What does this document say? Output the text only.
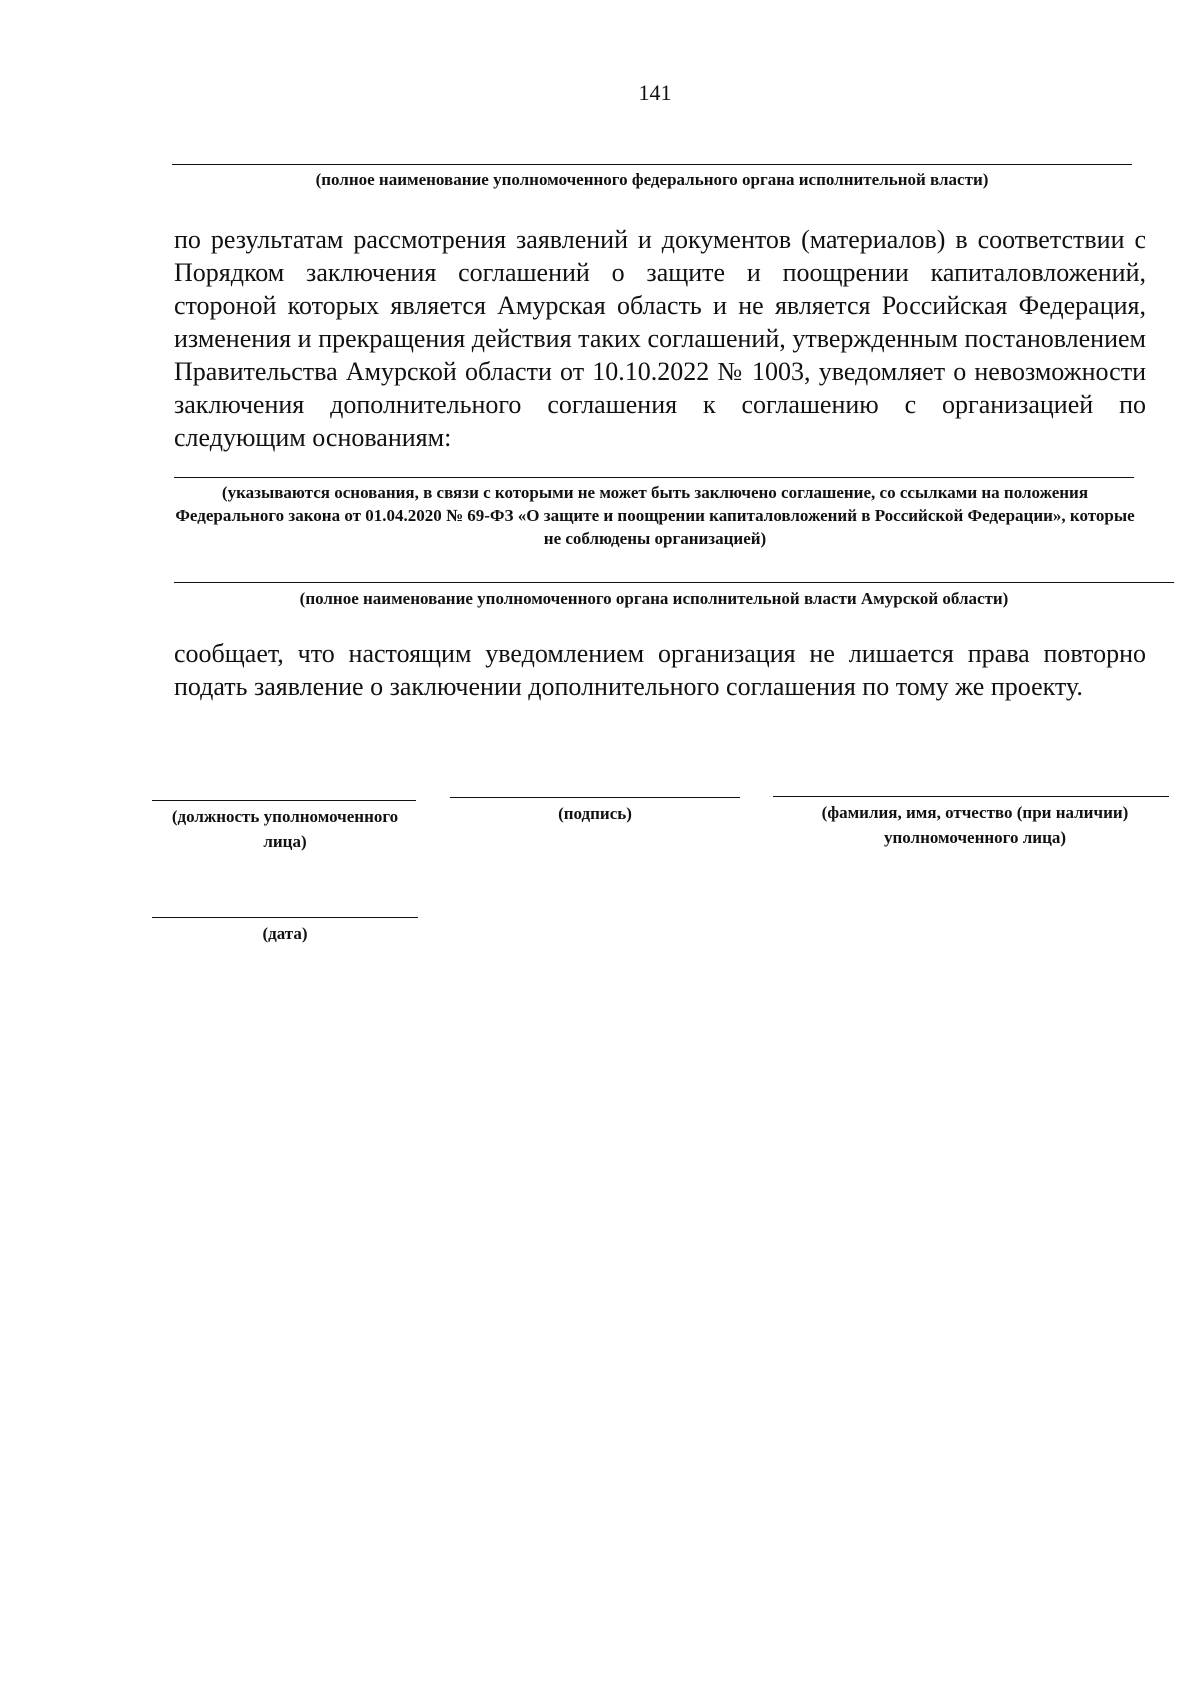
141
(полное наименование уполномоченного федерального органа исполнительной власти)
по результатам рассмотрения заявлений и документов (материалов) в соответствии с Порядком заключения соглашений о защите и поощрении капиталовложений, стороной которых является Амурская область и не является Российская Федерация, изменения и прекращения действия таких соглашений, утвержденным постановлением Правительства Амурской области от 10.10.2022 № 1003, уведомляет о невозможности заключения дополнительного соглашения к соглашению с организацией по следующим основаниям:
(указываются основания, в связи с которыми не может быть заключено соглашение, со ссылками на положения Федерального закона от 01.04.2020 № 69-ФЗ «О защите и поощрении капиталовложений в Российской Федерации», которые не соблюдены организацией)
(полное наименование уполномоченного органа исполнительной власти Амурской области)
сообщает, что настоящим уведомлением организация не лишается права повторно подать заявление о заключении дополнительного соглашения по тому же проекту.
(должность уполномоченного лица)
(подпись)	(фамилия, имя, отчество (при наличии) уполномоченного лица)
(дата)
